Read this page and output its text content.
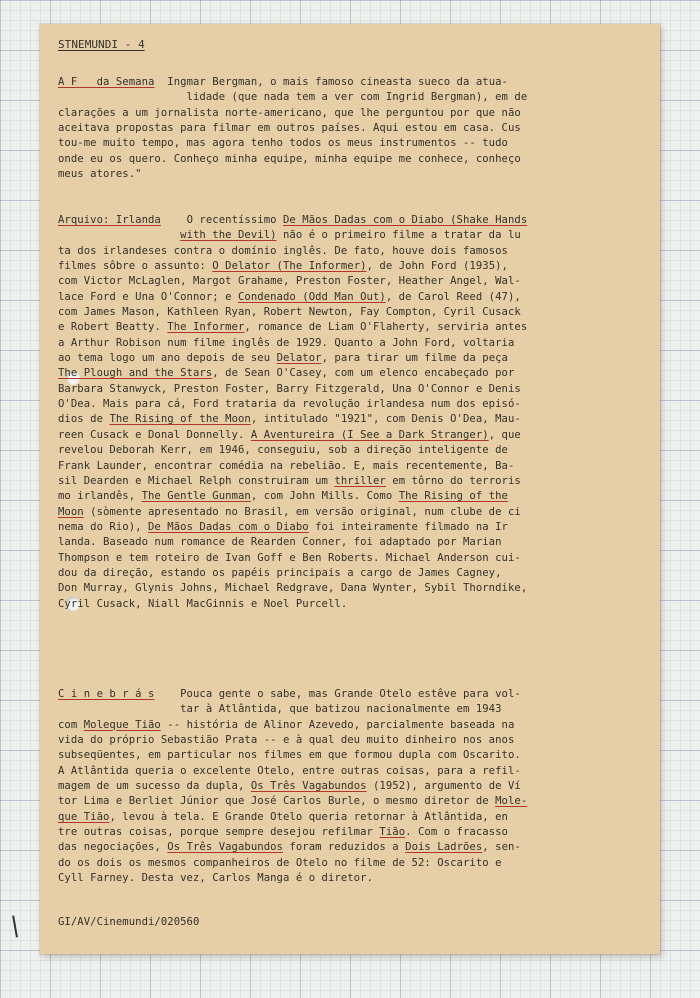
STNEMUNDI - 4
A F   da Semana  Ingmar Bergman, o mais famoso cineasta sueco da atua-
lidade (que nada tem a ver com Ingrid Bergman), em de
clarações a um jornalista norte-americano, que lhe perguntou por que não
aceitava propostas para filmar em outros países. Aqui estou em casa. Cus
tou-me muito tempo, mas agora tenho todos os meus instrumentos -- tudo
onde eu os quero. Conheço minha equipe, minha equipe me conhece, conheço
meus atores."
Arquivo: Irlanda    O recentíssimo De Mãos Dadas com o Diabo (Shake Hands
with the Devil) não é o primeiro filme a tratar da lu
ta dos irlandeses contra o domínio inglês. De fato, houve dois famosos
filmes sôbre o assunto: O Delator (The Informer), de John Ford (1935),
com Victor McLaglen, Margot Grahame, Preston Foster, Heather Angel, Wal-
lace Ford e Una O'Connor; e Condenado (Odd Man Out), de Carol Reed (47),
com James Mason, Kathleen Ryan, Robert Newton, Fay Compton, Cyril Cusack
e Robert Beatty. The Informer, romance de Liam O'Flaherty, serviria antes
a Arthur Robison num filme inglês de 1929. Quanto a John Ford, voltaria
ao tema logo um ano depois de seu Delator, para tirar um filme da peça
The Plough and the Stars, de Sean O'Casey, com um elenco encabeçado por
Barbara Stanwyck, Preston Foster, Barry Fitzgerald, Una O'Connor e Denis
O'Dea. Mais para cá, Ford trataria da revolução irlandesa num dos episó-
dios de The Rising of the Moon, intitulado "1921", com Denis O'Dea, Mau-
reen Cusack e Donal Donnelly. A Aventureira (I See a Dark Stranger), que
revelou Deborah Kerr, em 1946, conseguiu, sob a direção inteligente de
Frank Launder, encontrar comédia na rebelião. E, mais recentemente, Ba-
sil Dearden e Michael Relph construiram um thriller em tôrno do terroris
mo irlandês, The Gentle Gunman, com John Mills. Como The Rising of the
Moon (sòmente apresentado no Brasil, em versão original, num clube de ci
nema do Rio), De Mãos Dadas com o Diabo foi inteiramente filmado na Ir
landa. Baseado num romance de Rearden Conner, foi adaptado por Marian
Thompson e tem roteiro de Ivan Goff e Ben Roberts. Michael Anderson cui-
dou da direção, estando os papéis principais a cargo de James Cagney,
Don Murray, Glynis Johns, Michael Redgrave, Dana Wynter, Sybil Thorndike,
Cyril Cusack, Niall MacGinnis e Noel Purcell.
C i n e b r á s    Pouca gente o sabe, mas Grande Otelo estêve para vol-
tar à Atlântida, que batizou nacionalmente em 1943
com Moleque Tião -- história de Alinor Azevedo, parcialmente baseada na
vida do próprio Sebastião Prata -- e à qual deu muito dinheiro nos anos
subseqüentes, em particular nos filmes em que formou dupla com Oscarito.
A Atlântida queria o excelente Otelo, entre outras coisas, para a refil-
magem de um sucesso da dupla, Os Três Vagabundos (1952), argumento de Ví
tor Lima e Berliet Júnior que José Carlos Burle, o mesmo diretor de Mole-
que Tião, levou à tela. E Grande Otelo queria retornar à Atlântida, en
tre outras coisas, porque sempre desejou refilmar Tião. Com o fracasso
das negociações, Os Três Vagabundos foram reduzidos a Dois Ladrões, sen-
do os dois os mesmos companheiros de Otelo no filme de 52: Oscarito e
Cyll Farney. Desta vez, Carlos Manga é o diretor.
GI/AV/Cinemundi/020560
